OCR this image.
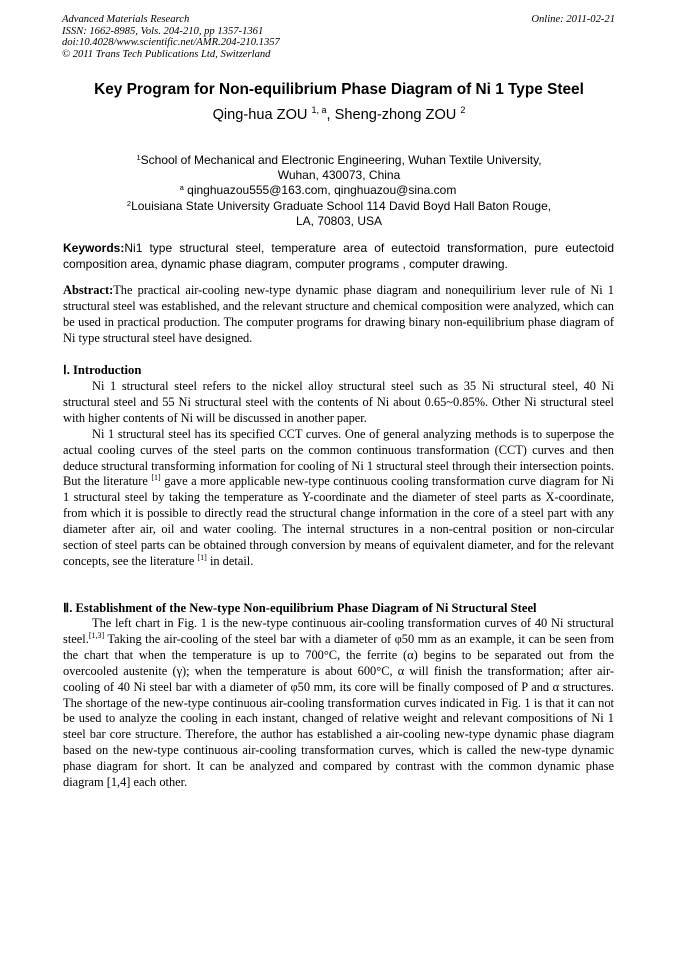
Advanced Materials Research
ISSN: 1662-8985, Vols. 204-210, pp 1357-1361
doi:10.4028/www.scientific.net/AMR.204-210.1357
© 2011 Trans Tech Publications Ltd, Switzerland
Online: 2011-02-21
Key Program for Non-equilibrium Phase Diagram of Ni 1 Type Steel
Qing-hua ZOU $^{1, a}$, Sheng-zhong ZOU $^2$
$^1$School of Mechanical and Electronic Engineering, Wuhan Textile University,
Wuhan, 430073, China
$^a$ qinghuazou555@163.com, qinghuazou@sina.com
$^2$Louisiana State University Graduate School 114 David Boyd Hall Baton Rouge,
LA, 70803, USA
Keywords:Ni1 type structural steel, temperature area of eutectoid transformation, pure eutectoid composition area, dynamic phase diagram, computer programs , computer drawing.
Abstract:The practical air-cooling new-type dynamic phase diagram and nonequilirium lever rule of Ni 1 structural steel was established, and the relevant structure and chemical composition were analyzed, which can be used in practical production. The computer programs for drawing binary non-equilibrium phase diagram of Ni type structural steel have designed.
Ⅰ. Introduction

Ni 1 structural steel refers to the nickel alloy structural steel such as 35 Ni structural steel, 40 Ni structural steel and 55 Ni structural steel with the contents of Ni about 0.65~0.85%. Other Ni structural steel with higher contents of Ni will be discussed in another paper.

Ni 1 structural steel has its specified CCT curves. One of general analyzing methods is to superpose the actual cooling curves of the steel parts on the common continuous transformation (CCT) curves and then deduce structural transforming information for cooling of Ni 1 structural steel through their intersection points. But the literature [1] gave a more applicable new-type continuous cooling transformation curve diagram for Ni 1 structural steel by taking the temperature as Y-coordinate and the diameter of steel parts as X-coordinate, from which it is possible to directly read the structural change information in the core of a steel part with any diameter after air, oil and water cooling. The internal structures in a non-central position or non-circular section of steel parts can be obtained through conversion by means of equivalent diameter, and for the relevant concepts, see the literature [1] in detail.

Ⅱ. Establishment of the New-type Non-equilibrium Phase Diagram of Ni Structural Steel

The left chart in Fig. 1 is the new-type continuous air-cooling transformation curves of 40 Ni structural steel.[1,3] Taking the air-cooling of the steel bar with a diameter of φ50 mm as an example, it can be seen from the chart that when the temperature is up to 700°C, the ferrite (α) begins to be separated out from the overcooled austenite (γ); when the temperature is about 600°C, α will finish the transformation; after air-cooling of 40 Ni steel bar with a diameter of φ50 mm, its core will be finally composed of P and α structures. The shortage of the new-type continuous air-cooling transformation curves indicated in Fig. 1 is that it can not be used to analyze the cooling in each instant, changed of relative weight and relevant compositions of Ni 1 steel bar core structure. Therefore, the author has established a air-cooling new-type dynamic phase diagram based on the new-type continuous air-cooling transformation curves, which is called the new-type dynamic phase diagram for short. It can be analyzed and compared by contrast with the common dynamic phase diagram [1,4] each other.
